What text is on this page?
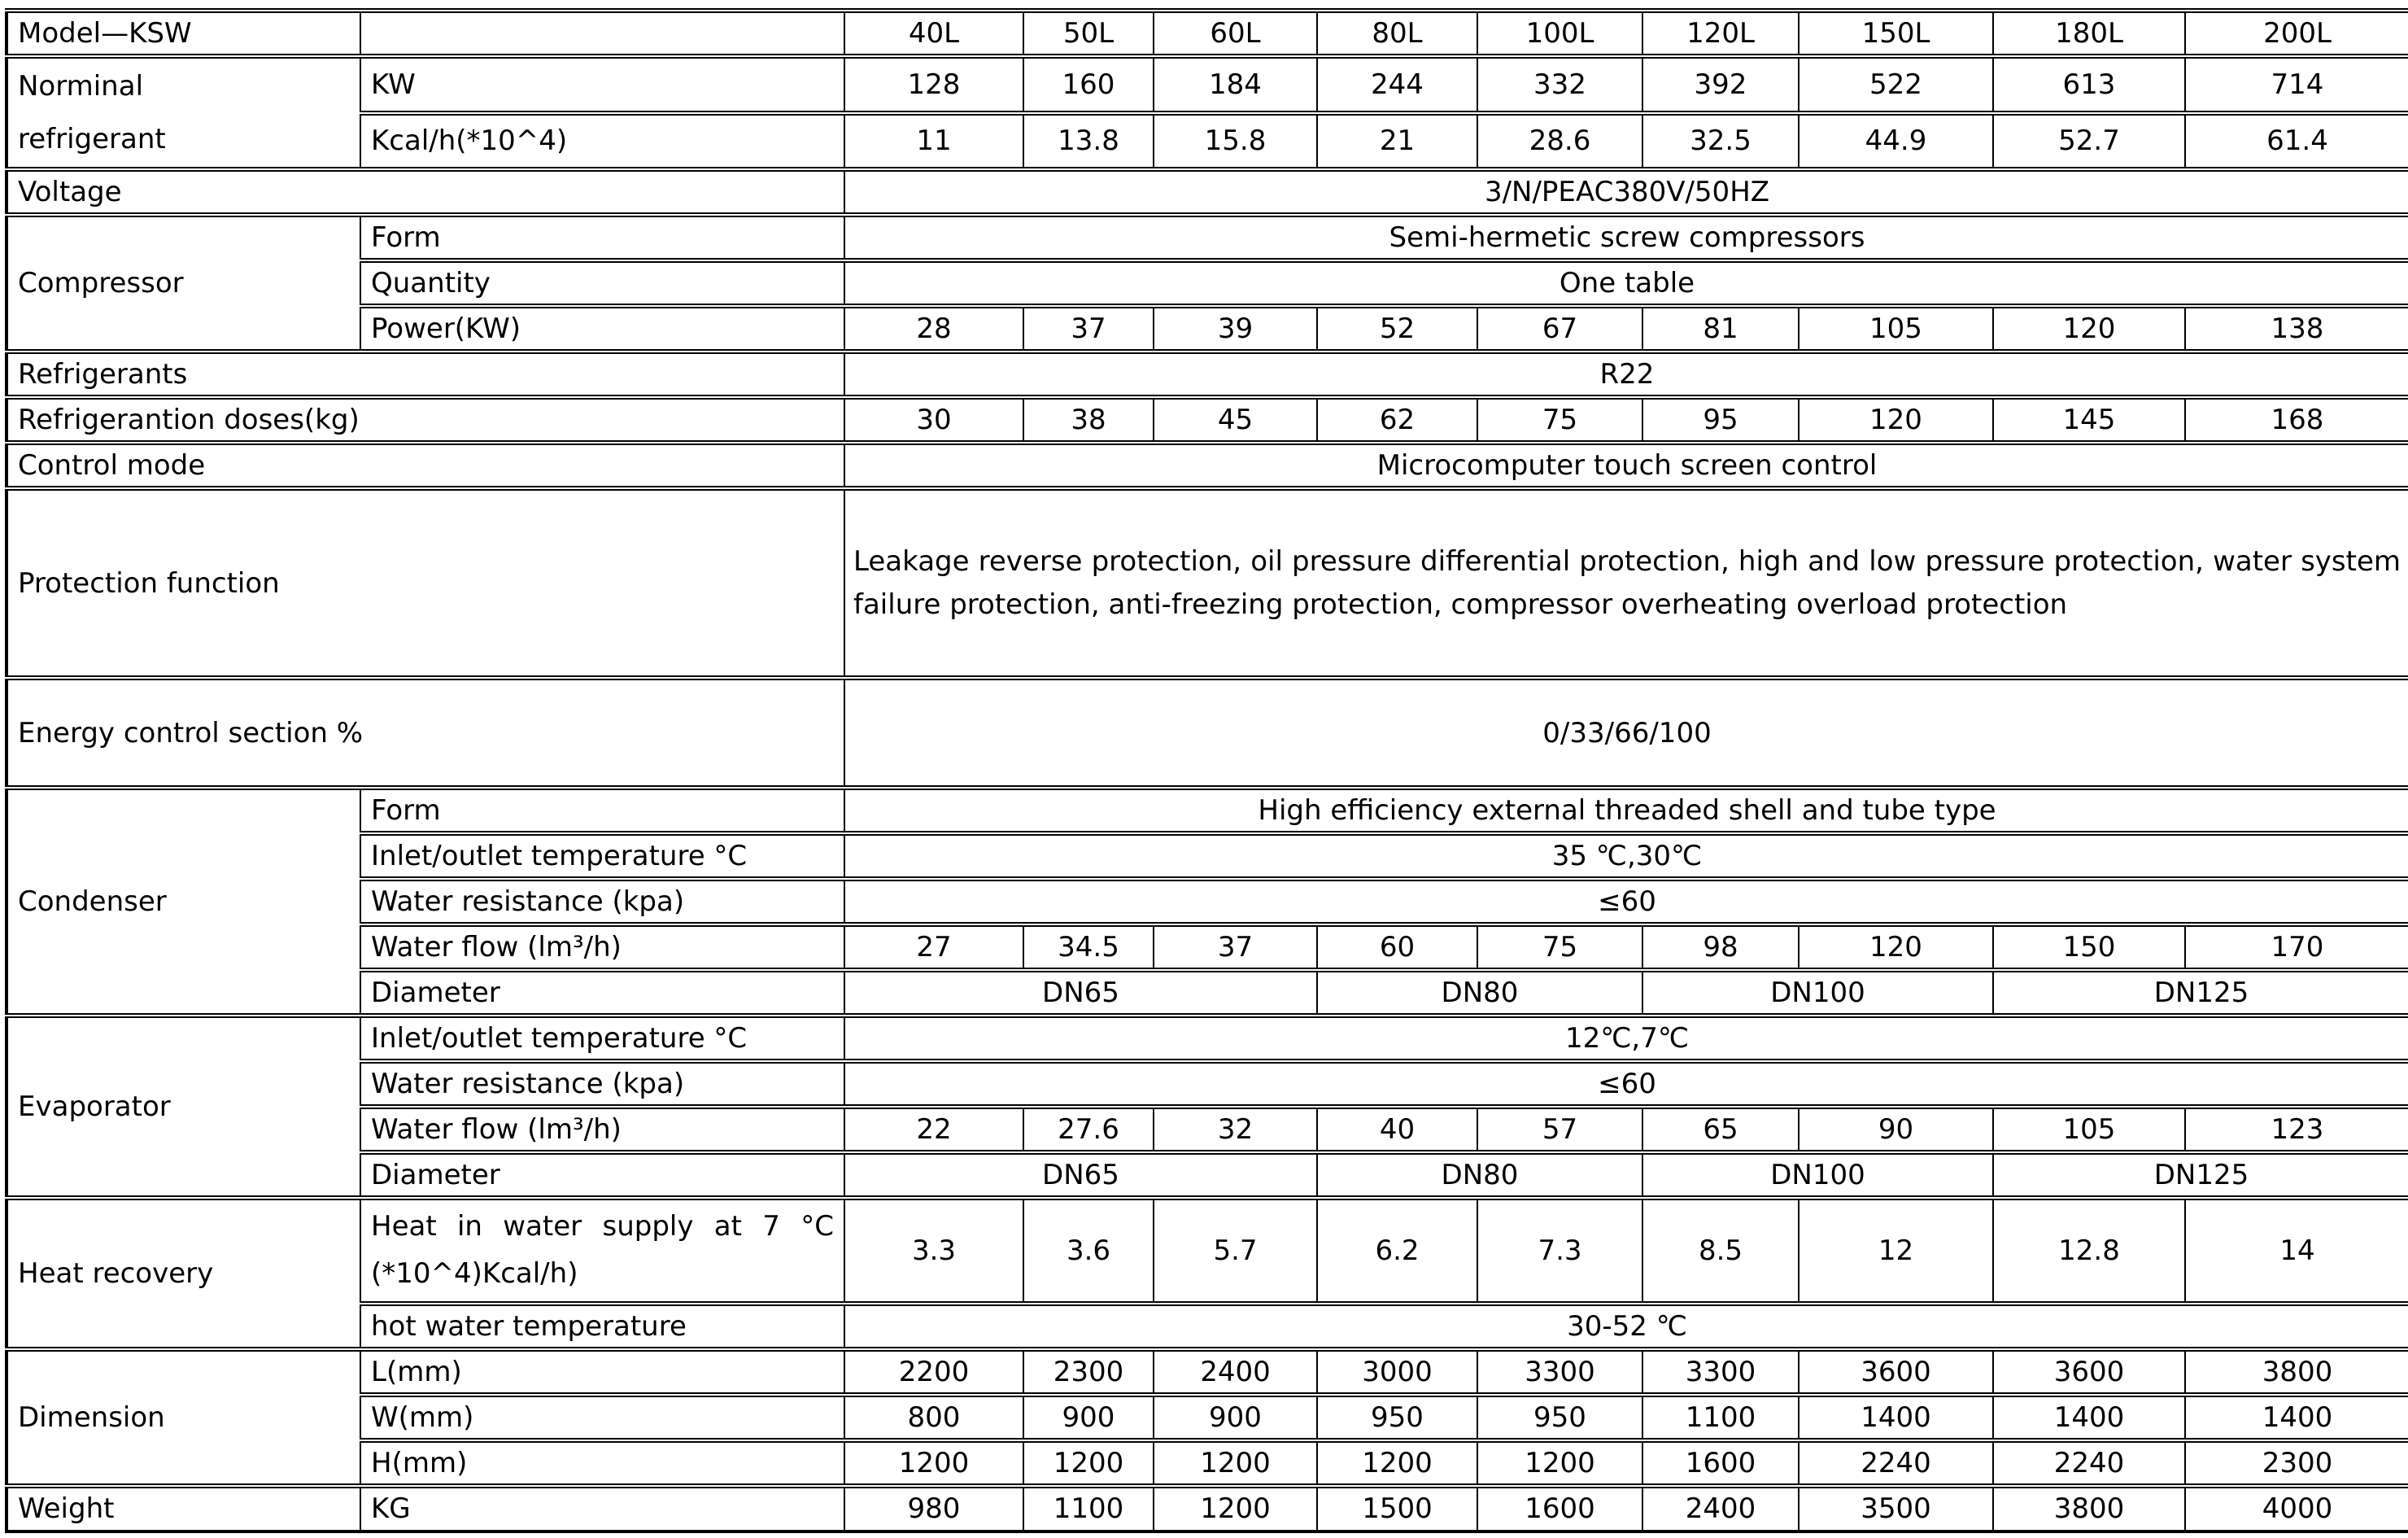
Model—KSW		40L	50L	60L	80L	100L	120L	150L	180L	200L
Norminal refrigerant	KW	128	160	184	244	332	392	522	613	714
	Kcal/h(*10^4)	11	13.8	15.8	21	28.6	32.5	44.9	52.7	61.4
Voltage		3/N/PEAC380V/50HZ								
Compressor	Form	Semi-hermetic screw compressors								
	Quantity	One table								
	Power(KW)	28	37	39	52	67	81	105	120	138
Refrigerants		R22								
Refrigerantion doses(kg)		30	38	45	62	75	95	120	145	168
Control mode		Microcomputer touch screen control								
Protection function		Leakage reverse protection, oil pressure differential protection, high and low pressure protection, water system failure protection, anti-freezing protection, compressor overheating overload protection								
Energy control section %		0/33/66/100								
Condenser	Form	High efficiency external threaded shell and tube type								
	Inlet/outlet temperature °C	35 ℃,30℃								
	Water resistance (kpa)	≤60								
	Water flow (lm³/h)	27	34.5	37	60	75	98	120	150	170
	Diameter	DN65			DN80		DN100		DN125	
Evaporator	Inlet/outlet temperature °C	12℃,7℃								
	Water resistance (kpa)	≤60								
	Water flow (lm³/h)	22	27.6	32	40	57	65	90	105	123
	Diameter	DN65			DN80		DN100		DN125	
Heat recovery	Heat in water supply at 7 °C (*10^4)Kcal/h)	3.3	3.6	5.7	6.2	7.3	8.5	12	12.8	14
	hot water temperature	30-52 ℃								
Dimension	L(mm)	2200	2300	2400	3000	3300	3300	3600	3600	3800
	W(mm)	800	900	900	950	950	1100	1400	1400	1400
	H(mm)	1200	1200	1200	1200	1200	1600	2240	2240	2300
Weight	KG	980	1100	1200	1500	1600	2400	3500	3800	4000
